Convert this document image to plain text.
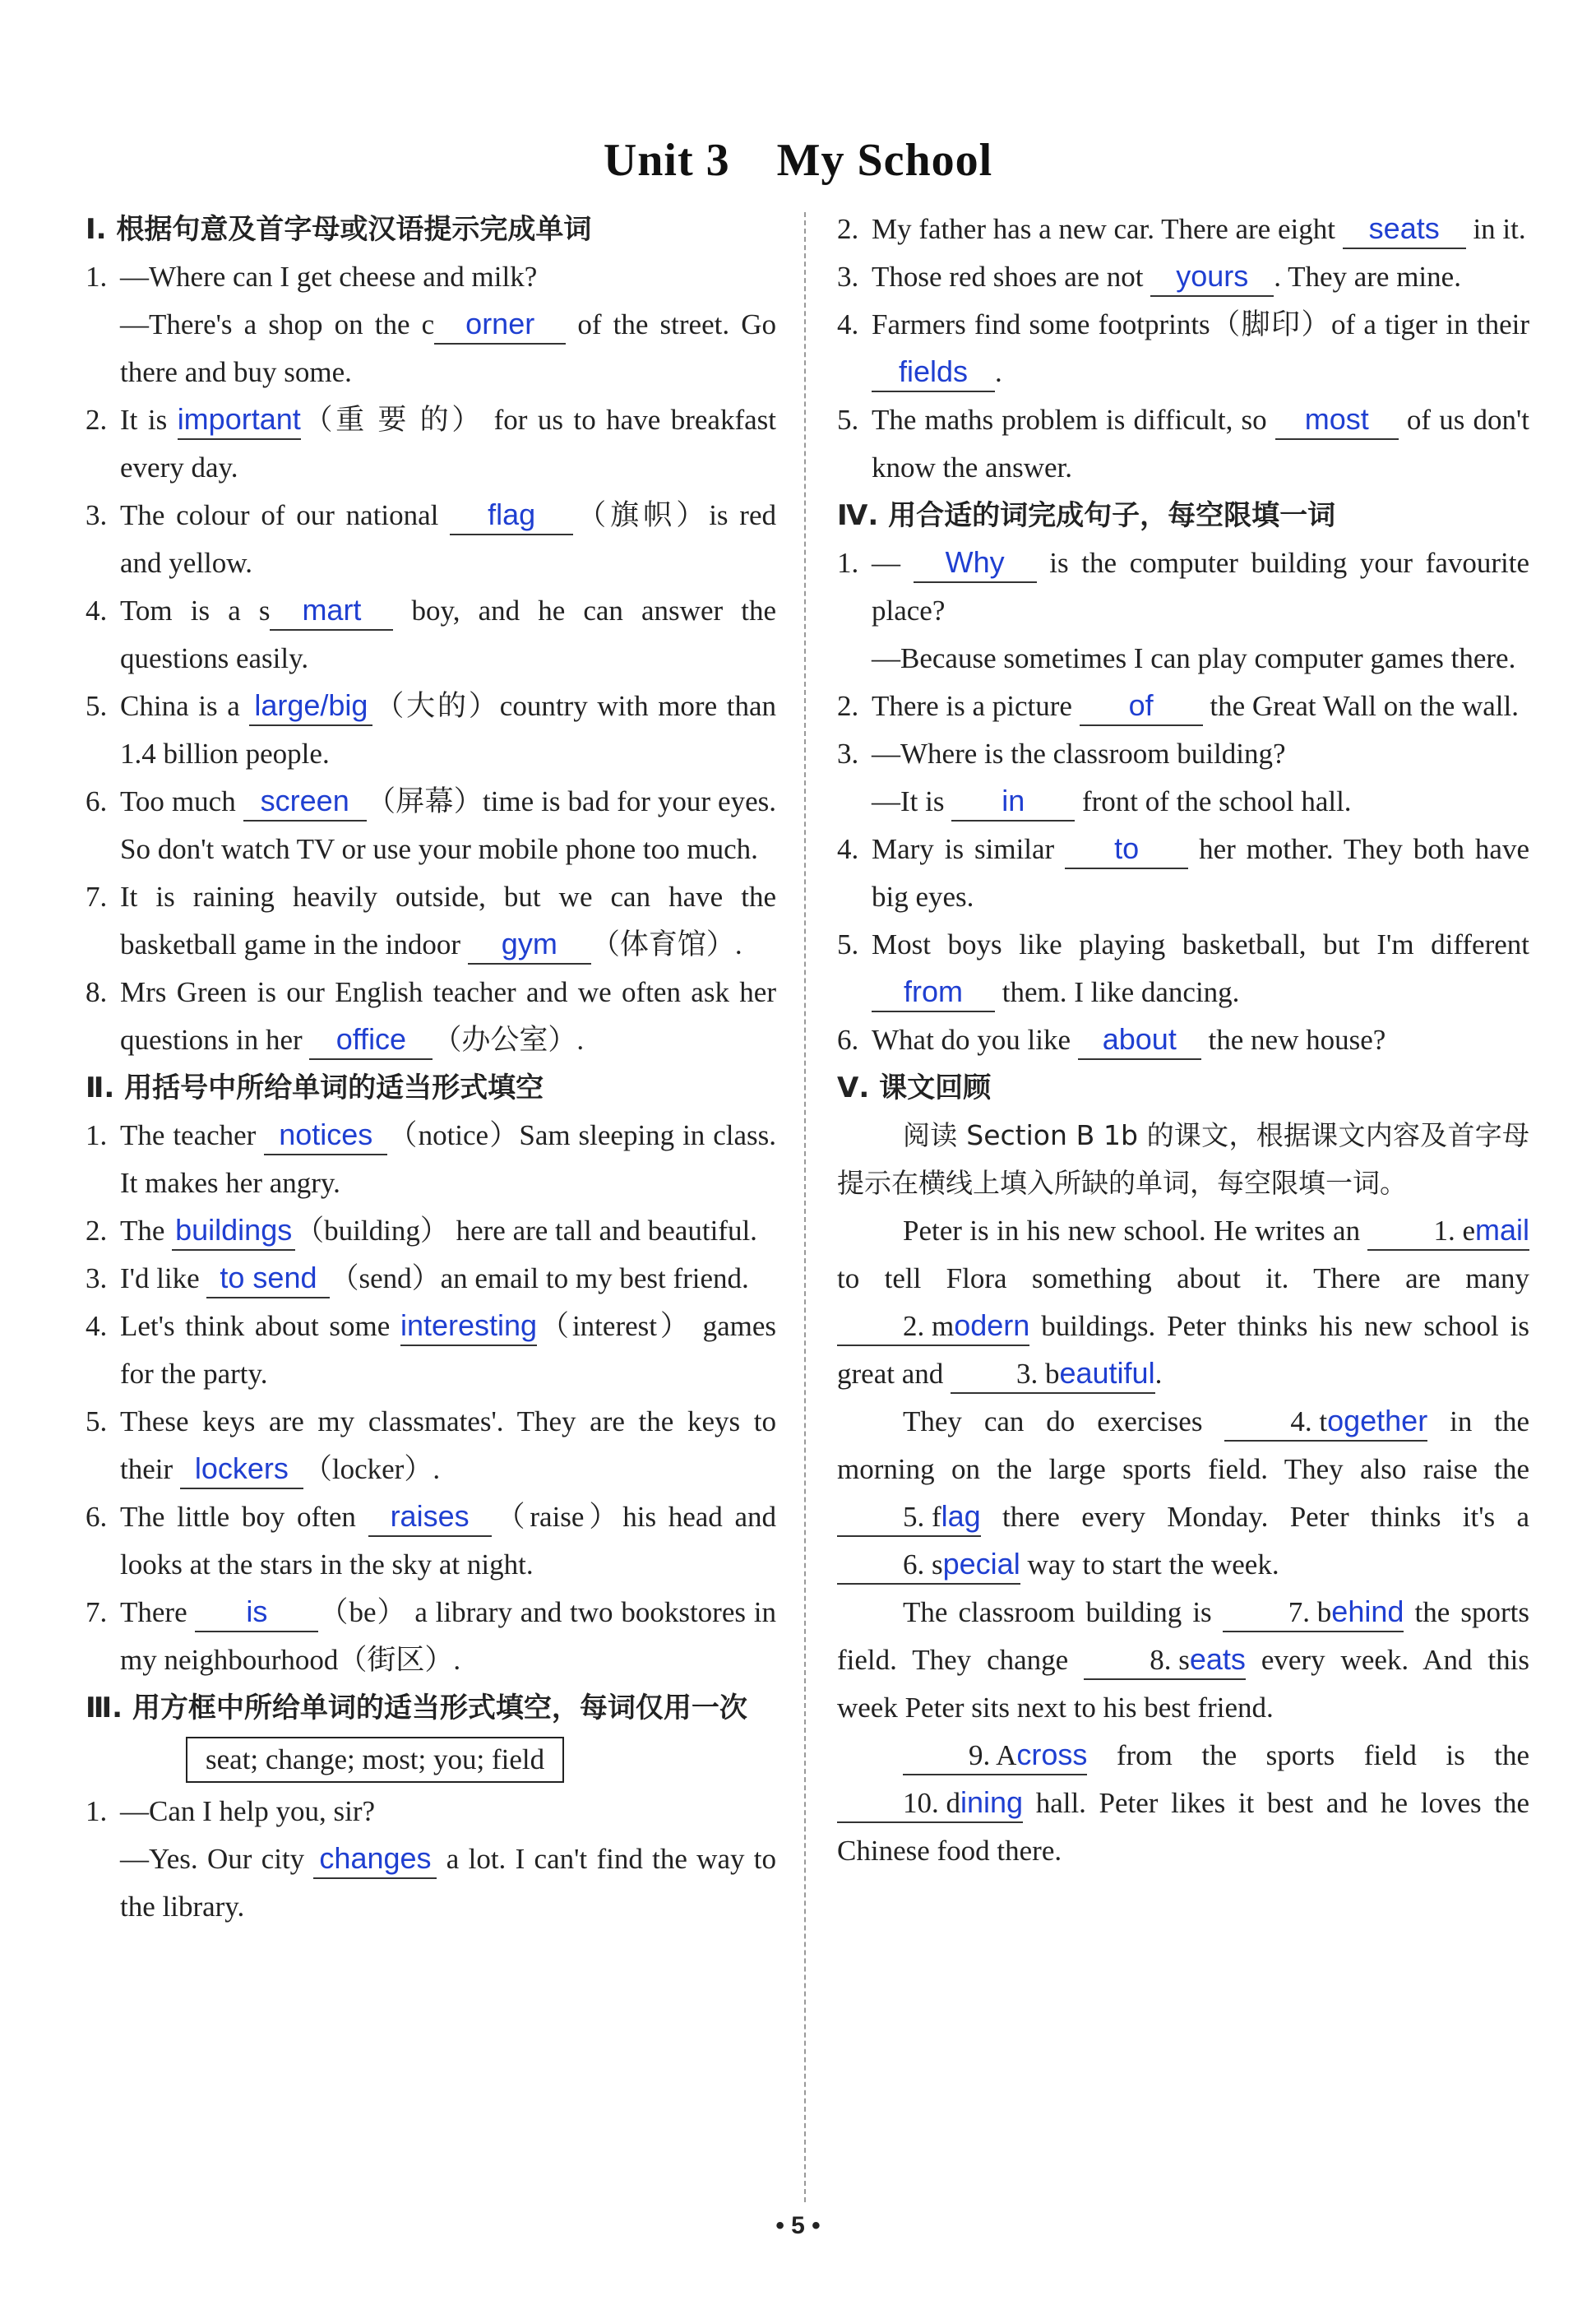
Unit 3　My School

Ⅰ. 根据句意及首字母或汉语提示完成单词

1. —Where can I get cheese and milk?
—There's a shop on the c orner of the street. Go there and buy some.
2. It is important（重 要 的） for us to have breakfast every day.
3. The colour of our national flag （旗帜）is red and yellow.
4. Tom is a s mart boy, and he can answer the questions easily.
5. China is a large/big （大的）country with more than 1.4 billion people.
6. Too much screen （屏幕）time is bad for your eyes. So don't watch TV or use your mobile phone too much.
7. It is raining heavily outside, but we can have the basketball game in the indoor gym （体育馆）.
8. Mrs Green is our English teacher and we often ask her questions in her office （办公室）.

Ⅱ. 用括号中所给单词的适当形式填空

1. The teacher notices （notice）Sam sleeping in class. It makes her angry.
2. The buildings （building） here are tall and beautiful.
3. I'd like to send （send）an email to my best friend.
4. Let's think about some interesting（interest） games for the party.
5. These keys are my classmates'. They are the keys to their lockers （locker）.
6. The little boy often raises （raise）his head and looks at the stars in the sky at night.
7. There is （be） a library and two bookstores in my neighbourhood（街区）.

Ⅲ. 用方框中所给单词的适当形式填空，每词仅用一次

seat; change; most; you; field
1. —Can I help you, sir?
—Yes. Our city changes a lot. I can't find the way to the library.
2. My father has a new car. There are eight seats in it.
3. Those red shoes are not yours . They are mine.
4. Farmers find some footprints（脚印）of a tiger in their fields .
5. The maths problem is difficult, so most of us don't know the answer.

Ⅳ. 用合适的词完成句子，每空限填一词

1. — Why is the computer building your favourite place?
—Because sometimes I can play computer games there.
2. There is a picture of the Great Wall on the wall.
3. —Where is the classroom building?
—It is in front of the school hall.
4. Mary is similar to her mother. They both have big eyes.
5. Most boys like playing basketball, but I'm different from them. I like dancing.
6. What do you like about the new house?

Ⅴ. 课文回顾

阅读 Section B 1b 的课文，根据课文内容及首字母提示在横线上填入所缺的单词，每空限填一词。

Peter is in his new school. He writes an 1. email to tell Flora something about it. There are many 2. modern buildings. Peter thinks his new school is great and 3. beautiful.

They can do exercises 4. together in the morning on the large sports field. They also raise the 5. flag there every Monday. Peter thinks it's a 6. special way to start the week.

The classroom building is 7. behind the sports field. They change 8. seats every week. And this week Peter sits next to his best friend.

9. Across from the sports field is the 10. dining hall. Peter likes it best and he loves the Chinese food there.

• 5 •
